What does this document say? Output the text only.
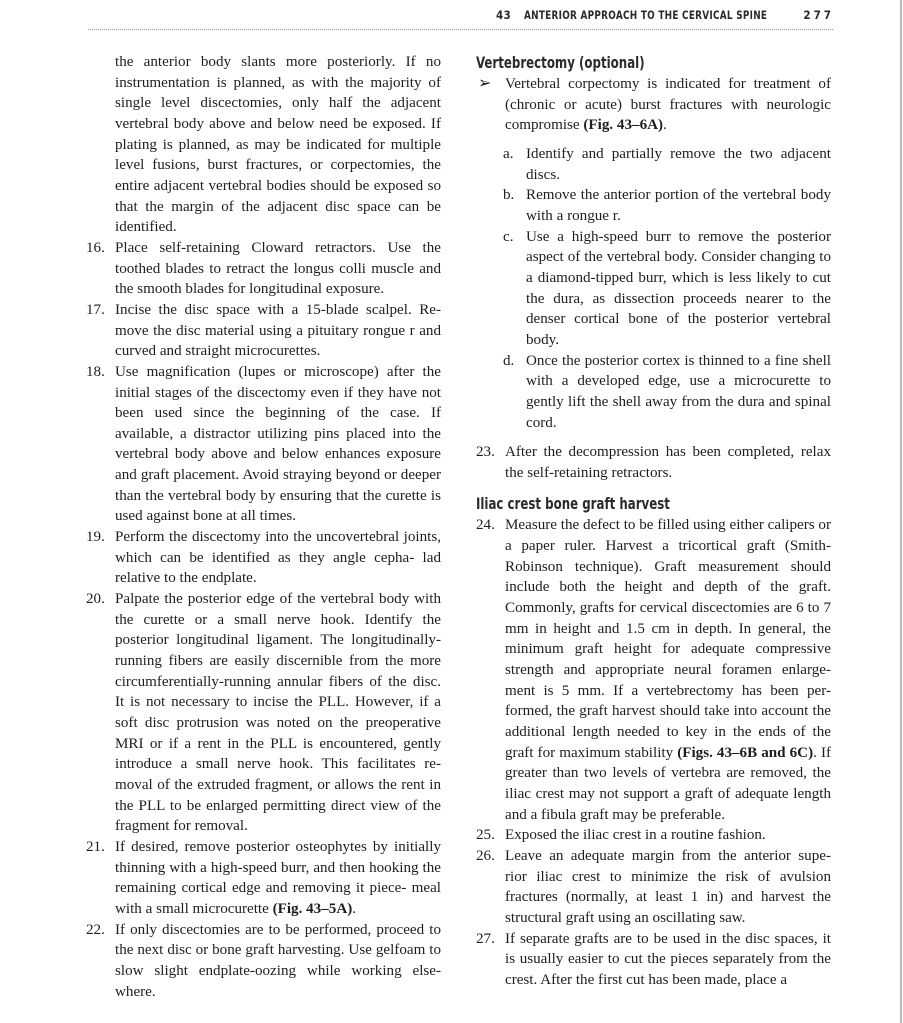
43 ANTERIOR APPROACH TO THE CERVICAL SPINE	277

the anterior body slants more posteriorly. If no instrumentation is planned, as with the majority of single level discectomies, only half the adjacent vertebral body above and below need be exposed. If plating is planned, as may be indicated for multiple level fusions, burst fractures, or corpectomies, the entire adjacent vertebral bodies should be exposed so that the margin of the adjacent disc space can be identified.

16. Place self-retaining Cloward retractors. Use the toothed blades to retract the longus colli muscle and the smooth blades for longitudinal exposure.

17. Incise the disc space with a 15-blade scalpel. Re- move the disc material using a pituitary rongue r and curved and straight microcurettes.

18. Use magnification (lupes or microscope) after the initial stages of the discectomy even if they have not been used since the beginning of the case. If available, a distractor utilizing pins placed into the vertebral body above and below enhances exposure and graft placement. Avoid straying beyond or deeper than the vertebral body by ensuring that the curette is used against bone at all times.

19. Perform the discectomy into the uncovertebral joints, which can be identified as they angle cepha- lad relative to the endplate.

20. Palpate the posterior edge of the vertebral body with the curette or a small nerve hook. Identify the posterior longitudinal ligament. The longitudinally- running fibers are easily discernible from the more circumferentially-running annular fibers of the disc. It is not necessary to incise the PLL. However, if a soft disc protrusion was noted on the preoperative MRI or if a rent in the PLL is encountered, gently introduce a small nerve hook. This facilitates re- moval of the extruded fragment, or allows the rent in the PLL to be enlarged permitting direct view of the fragment for removal.

21. If desired, remove posterior osteophytes by initially thinning with a high-speed burr, and then hooking the remaining cortical edge and removing it piece- meal with a small microcurette (Fig. 43–5A).

22. If only discectomies are to be performed, proceed to the next disc or bone graft harvesting. Use gelfoam to slow slight endplate-oozing while working else- where.

Vertebrectomy (optional)

➢ Vertebral corpectomy is indicated for treatment of (chronic or acute) burst fractures with neurologic compromise (Fig. 43–6A).

a. Identify and partially remove the two adjacent discs.

b. Remove the anterior portion of the vertebral body with a rongue r.

c. Use a high-speed burr to remove the posterior aspect of the vertebral body. Consider changing to a diamond-tipped burr, which is less likely to cut the dura, as dissection proceeds nearer to the denser cortical bone of the posterior vertebral body.

d. Once the posterior cortex is thinned to a fine shell with a developed edge, use a microcurette to gently lift the shell away from the dura and spinal cord.

23. After the decompression has been completed, relax the self-retaining retractors.

Iliac crest bone graft harvest

24. Measure the defect to be filled using either calipers or a paper ruler. Harvest a tricortical graft (Smith- Robinson technique). Graft measurement should include both the height and depth of the graft. Commonly, grafts for cervical discectomies are 6 to 7 mm in height and 1.5 cm in depth. In general, the minimum graft height for adequate compressive strength and appropriate neural foramen enlarge- ment is 5 mm. If a vertebrectomy has been per- formed, the graft harvest should take into account the additional length needed to key in the ends of the graft for maximum stability (Figs. 43–6B and 6C). If greater than two levels of vertebra are removed, the iliac crest may not support a graft of adequate length and a fibula graft may be preferable.

25. Exposed the iliac crest in a routine fashion.

26. Leave an adequate margin from the anterior supe- rior iliac crest to minimize the risk of avulsion fractures (normally, at least 1 in) and harvest the structural graft using an oscillating saw.

27. If separate grafts are to be used in the disc spaces, it is usually easier to cut the pieces separately from the crest. After the first cut has been made, place a
